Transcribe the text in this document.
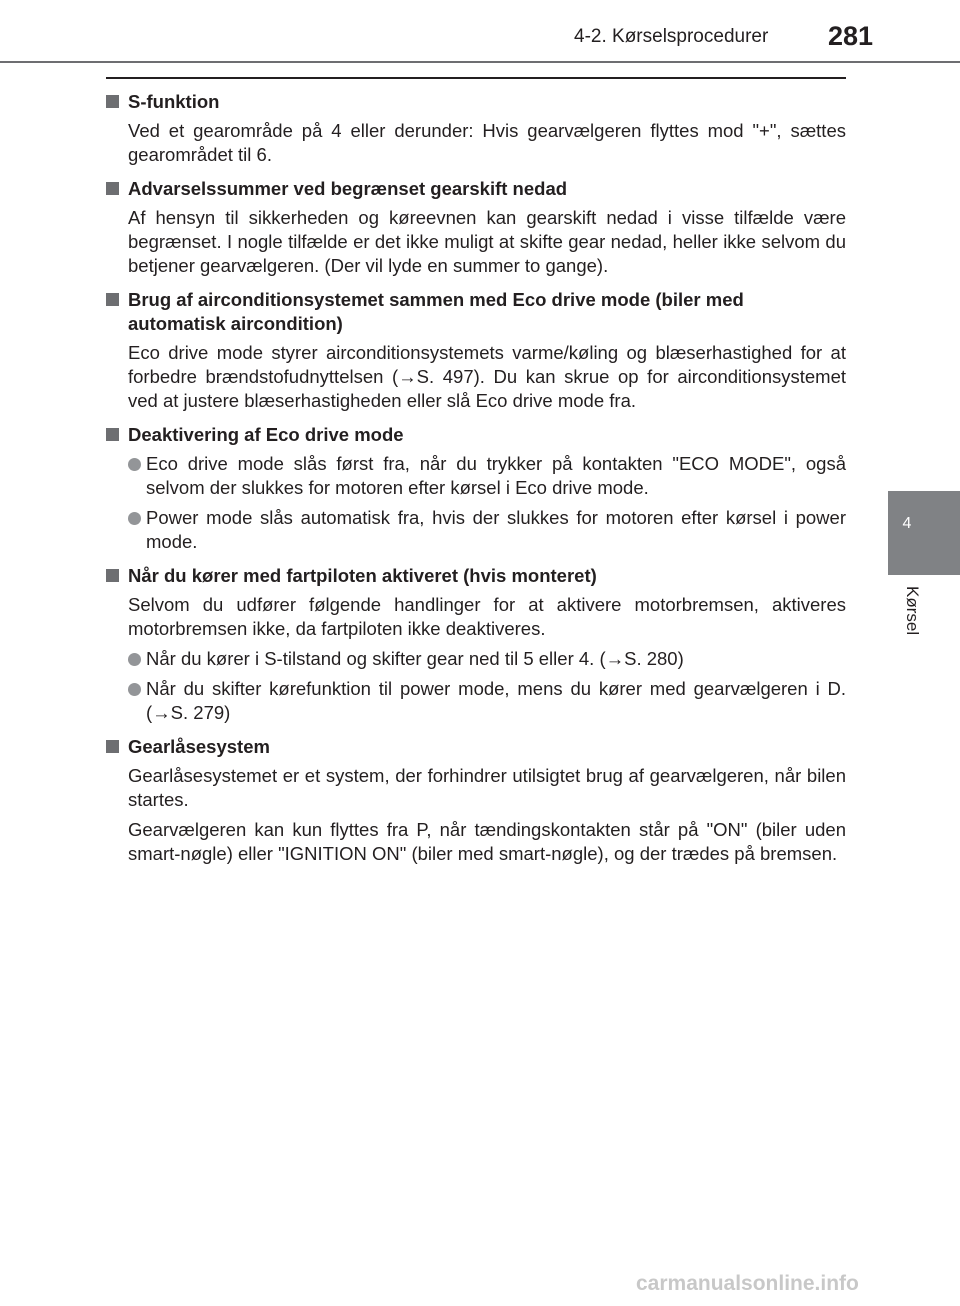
4-2. Kørselsprocedurer 281
4
Kørsel
S-funktion
Ved et gearområde på 4 eller derunder: Hvis gearvælgeren flyttes mod "+", sættes gearområdet til 6.
Advarselssummer ved begrænset gearskift nedad
Af hensyn til sikkerheden og køreevnen kan gearskift nedad i visse tilfælde være begrænset. I nogle tilfælde er det ikke muligt at skifte gear nedad, heller ikke selvom du betjener gearvælgeren. (Der vil lyde en summer to gange).
Brug af airconditionsystemet sammen med Eco drive mode (biler med automatisk aircondition)
Eco drive mode styrer airconditionsystemets varme/køling og blæserhastighed for at forbedre brændstofudnyttelsen (→S. 497). Du kan skrue op for airconditionsystemet ved at justere blæserhastigheden eller slå Eco drive mode fra.
Deaktivering af Eco drive mode
Eco drive mode slås først fra, når du trykker på kontakten "ECO MODE", også selvom der slukkes for motoren efter kørsel i Eco drive mode.
Power mode slås automatisk fra, hvis der slukkes for motoren efter kørsel i power mode.
Når du kører med fartpiloten aktiveret (hvis monteret)
Selvom du udfører følgende handlinger for at aktivere motorbremsen, aktiveres motorbremsen ikke, da fartpiloten ikke deaktiveres.
Når du kører i S-tilstand og skifter gear ned til 5 eller 4. (→S. 280)
Når du skifter kørefunktion til power mode, mens du kører med gearvælgeren i D. (→S. 279)
Gearlåsesystem
Gearlåsesystemet er et system, der forhindrer utilsigtet brug af gearvælgeren, når bilen startes.
Gearvælgeren kan kun flyttes fra P, når tændingskontakten står på "ON" (biler uden smart-nøgle) eller "IGNITION ON" (biler med smart-nøgle), og der trædes på bremsen.
carmanualsonline.info
